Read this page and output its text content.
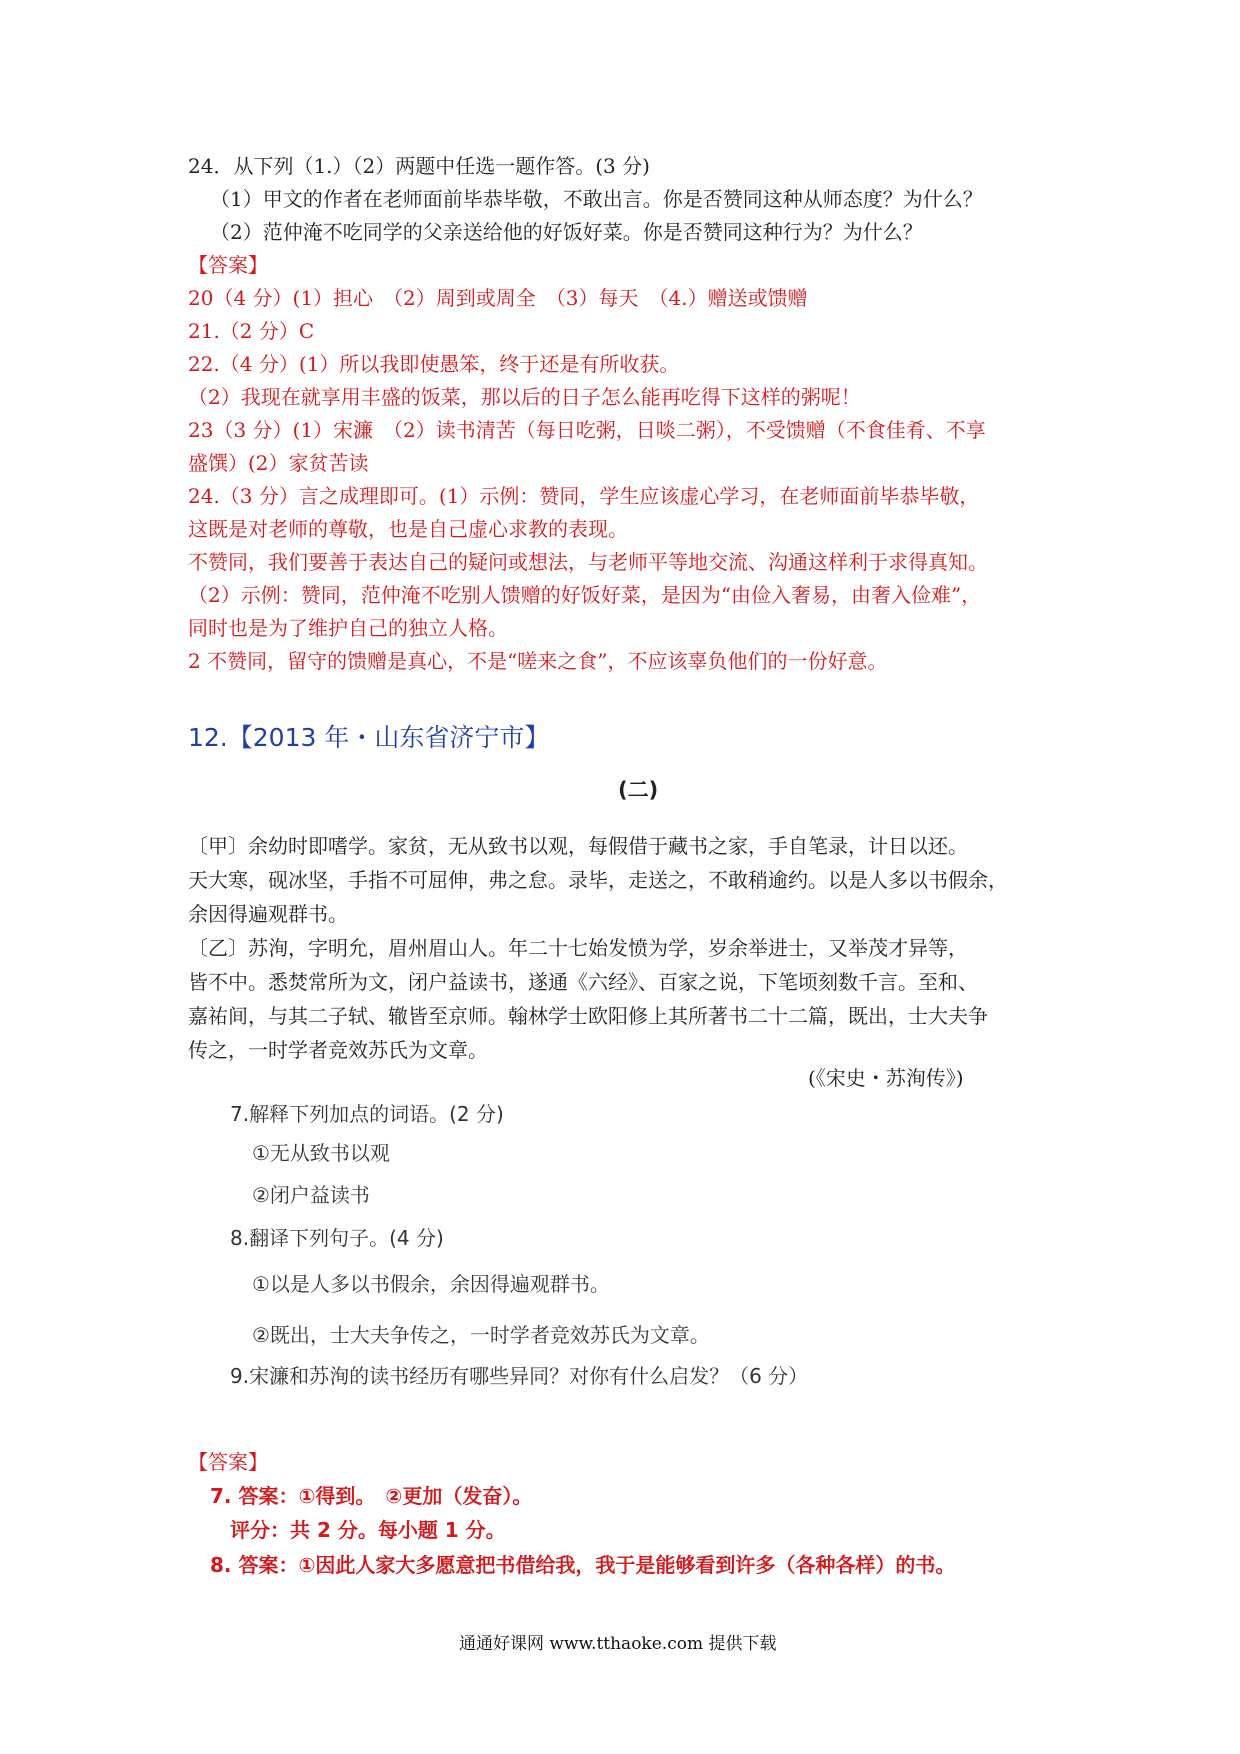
24．从下列（1.）（2）两题中任选一题作答。(3 分)
（1）甲文的作者在老师面前毕恭毕敬，不敢出言。你是否赞同这种从师态度？为什么？
（2）范仲淹不吃同学的父亲送给他的好饭好菜。你是否赞同这种行为？为什么？
【答案】
20（4 分）(1）担心　（2）周到或周全　（3）每天　（4.）赠送或馈赠
21.（2 分）C
22.（4 分）(1）所以我即使愚笨，终于还是有所收获。
（2）我现在就享用丰盛的饭菜，那以后的日子怎么能再吃得下这样的粥呢！
23（3 分）(1）宋濂　（2）读书清苦（每日吃粥，日啖二粥），不受馈赠（不食佳肴、不享
盛馔）(2）家贫苦读
24.（3 分）言之成理即可。(1）示例：赞同，学生应该虚心学习，在老师面前毕恭毕敬，
这既是对老师的尊敬，也是自己虚心求教的表现。
不赞同，我们要善于表达自己的疑问或想法，与老师平等地交流、沟通这样利于求得真知。
（2）示例：赞同，范仲淹不吃别人馈赠的好饭好菜，是因为“由俭入奢易，由奢入俭难”，
同时也是为了维护自己的独立人格。
2 不赞同，留守的馈赠是真心，不是“嗟来之食”，不应该辜负他们的一份好意。
12.【2013 年・山东省济宁市】
(二)
〔甲〕余幼时即嗜学。家贫，无从致书以观，每假借于藏书之家，手自笔录，计日以还。
天大寒，砚冰坚，手指不可屈伸，弗之怠。录毕，走送之，不敢稍逾约。以是人多以书假余，
余因得遍观群书。
〔乙〕苏洵，字明允，眉州眉山人。年二十七始发愤为学，岁余举进士，又举茂才异等，
皆不中。悉焚常所为文，闭户益读书，遂通《六经》、百家之说，下笔顷刻数千言。至和、
嘉祐间，与其二子轼、辙皆至京师。翰林学士欧阳修上其所著书二十二篇，既出，士大夫争
传之，一时学者竞效苏氏为文章。
(《宋史・苏洵传》)
7.解释下列加点的词语。(2 分)
①无从致书以观
②闭户益读书
8.翻译下列句子。(4 分)
①以是人多以书假余，余因得遍观群书。
②既出，士大夫争传之，一时学者竞效苏氏为文章。
9.宋濂和苏洵的读书经历有哪些异同？对你有什么启发？（6 分）
【答案】
7. 答案：①得到。　②更加（发奋）。
评分：共 2 分。每小题 1 分。
8. 答案：①因此人家大多愿意把书借给我，我于是能够看到许多（各种各样）的书。
通通好课网 www.tthaoke.com 提供下载
